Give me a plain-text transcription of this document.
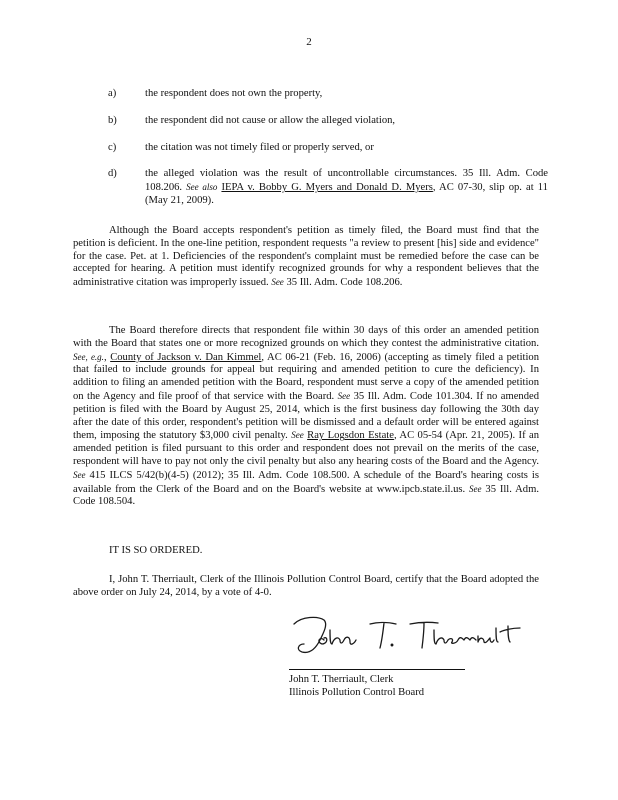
2
a)	the respondent does not own the property,
b)	the respondent did not cause or allow the alleged violation,
c)	the citation was not timely filed or properly served, or
d)	the alleged violation was the result of uncontrollable circumstances. 35 Ill. Adm. Code 108.206. See also IEPA v. Bobby G. Myers and Donald D. Myers, AC 07-30, slip op. at 11 (May 21, 2009).

Although the Board accepts respondent's petition as timely filed, the Board must find that the petition is deficient. In the one-line petition, respondent requests "a review to present [his] side and evidence" for the case. Pet. at 1. Deficiencies of the respondent's complaint must be remedied before the case can be accepted for hearing. A petition must identify recognized grounds for why a respondent believes that the administrative citation was improperly issued. See 35 Ill. Adm. Code 108.206.

The Board therefore directs that respondent file within 30 days of this order an amended petition with the Board that states one or more recognized grounds on which they contest the administrative citation. See, e.g., County of Jackson v. Dan Kimmel, AC 06-21 (Feb. 16, 2006) (accepting as timely filed a petition that failed to include grounds for appeal but requiring and amended petition to cure the deficiency). In addition to filing an amended petition with the Board, respondent must serve a copy of the amended petition on the Agency and file proof of that service with the Board. See 35 Ill. Adm. Code 101.304. If no amended petition is filed with the Board by August 25, 2014, which is the first business day following the 30th day after the date of this order, respondent's petition will be dismissed and a default order will be entered against them, imposing the statutory $3,000 civil penalty. See Ray Logsdon Estate, AC 05-54 (Apr. 21, 2005). If an amended petition is filed pursuant to this order and respondent does not prevail on the merits of the case, respondent will have to pay not only the civil penalty but also any hearing costs of the Board and the Agency. See 415 ILCS 5/42(b)(4-5) (2012); 35 Ill. Adm. Code 108.500. A schedule of the Board's hearing costs is available from the Clerk of the Board and on the Board's website at www.ipcb.state.il.us. See 35 Ill. Adm. Code 108.504.

IT IS SO ORDERED.

I, John T. Therriault, Clerk of the Illinois Pollution Control Board, certify that the Board adopted the above order on July 24, 2014, by a vote of 4-0.

John T. Therriault, Clerk
Illinois Pollution Control Board
